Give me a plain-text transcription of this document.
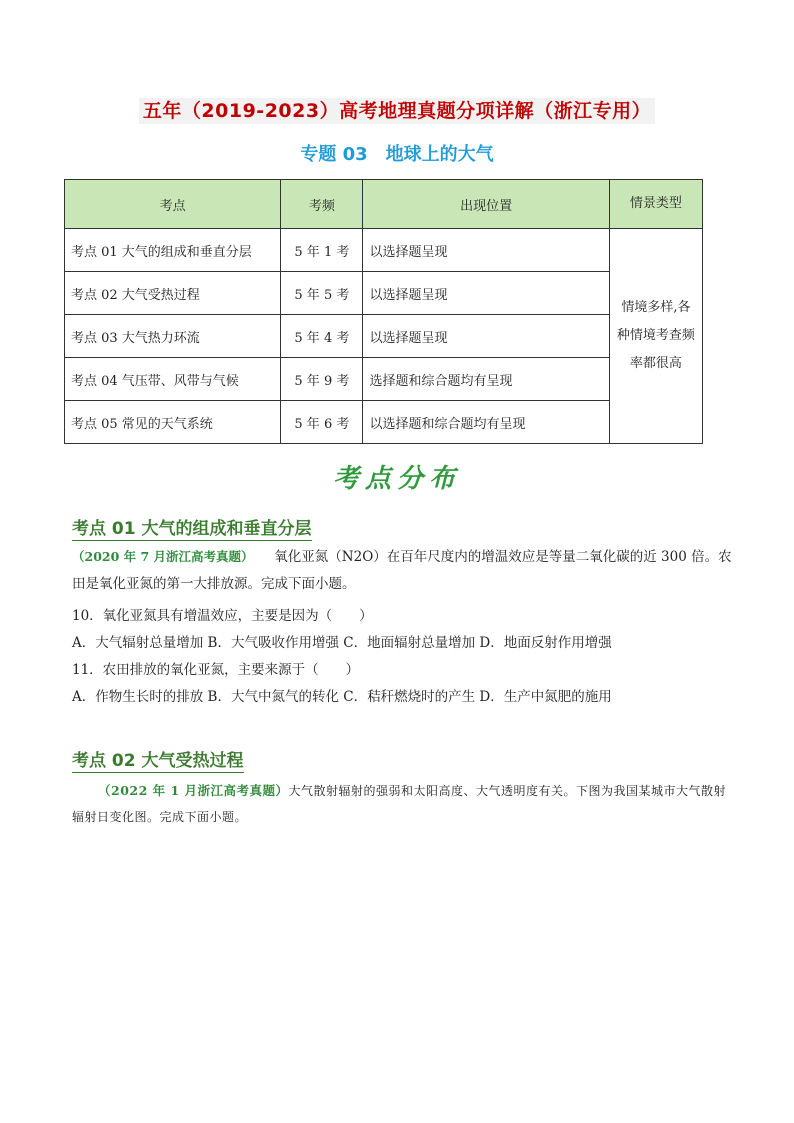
五年（2019-2023）高考地理真题分项详解（浙江专用）
专题 03　地球上的大气
考点	考频	出现位置	情景类型
考点 01 大气的组成和垂直分层	5 年 1 考	以选择题呈现	情境多样,各种情境考查频率都很高
考点 02 大气受热过程	5 年 5 考	以选择题呈现	
考点 03 大气热力环流	5 年 4 考	以选择题呈现	
考点 04 气压带、风带与气候	5 年 9 考	选择题和综合题均有呈现	
考点 05 常见的天气系统	5 年 6 考	以选择题和综合题均有呈现	
考点分布
考点 01 大气的组成和垂直分层
（2020 年 7 月浙江高考真题）　　氧化亚氮（N2O）在百年尺度内的增温效应是等量二氧化碳的近 300 倍。农田是氧化亚氮的第一大排放源。完成下面小题。
10．氧化亚氮具有增温效应，主要是因为（　　）
A．大气辐射总量增加 B．大气吸收作用增强 C．地面辐射总量增加 D．地面反射作用增强
11．农田排放的氧化亚氮，主要来源于（　　）
A．作物生长时的排放 B．大气中氮气的转化 C．秸秆燃烧时的产生 D．生产中氮肥的施用
考点 02 大气受热过程
（2022 年 1 月浙江高考真题）大气散射辐射的强弱和太阳高度、大气透明度有关。下图为我国某城市大气散射辐射日变化图。完成下面小题。
